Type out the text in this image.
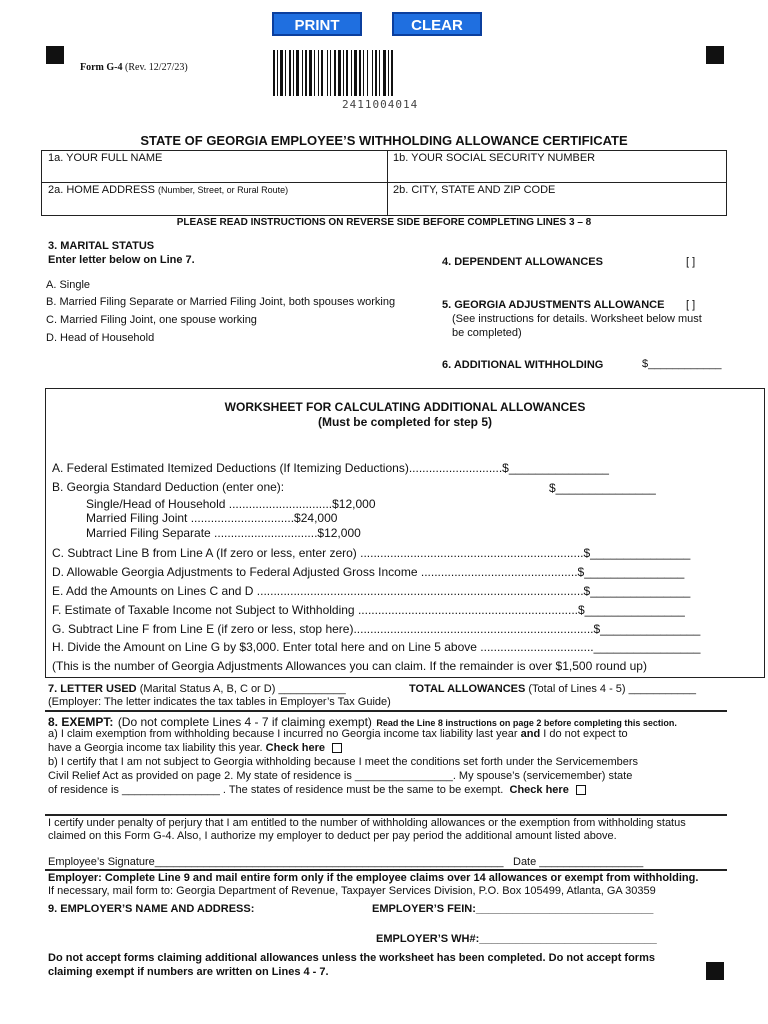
PRINT	CLEAR
Form G-4 (Rev. 12/27/23)
2411004014
STATE OF GEORGIA EMPLOYEE’S WITHHOLDING ALLOWANCE CERTIFICATE
1a. YOUR FULL NAME	1b. YOUR SOCIAL SECURITY NUMBER
2a. HOME ADDRESS (Number, Street, or Rural Route)	2b. CITY, STATE AND ZIP CODE
PLEASE READ INSTRUCTIONS ON REVERSE SIDE BEFORE COMPLETING LINES 3 – 8
3. MARITAL STATUS
Enter letter below on Line 7.
A. Single
B. Married Filing Separate or Married Filing Joint, both spouses working
C. Married Filing Joint, one spouse working
D. Head of Household
4. DEPENDENT ALLOWANCES	[ ]
5. GEORGIA ADJUSTMENTS ALLOWANCE [ ]
(See instructions for details. Worksheet below must
be completed)
6. ADDITIONAL WITHHOLDING	$____________
WORKSHEET FOR CALCULATING ADDITIONAL ALLOWANCES
(Must be completed for step 5)
A. Federal Estimated Itemized Deductions (If Itemizing Deductions)............................$_______________
B. Georgia Standard Deduction (enter one):	$_______________
Single/Head of Household ...............................$12,000
Married Filing Joint ...............................$24,000
Married Filing Separate ...............................$12,000
C. Subtract Line B from Line A (If zero or less, enter zero) ...................................................................$_______________
D. Allowable Georgia Adjustments to Federal Adjusted Gross Income ...............................................$_______________
E. Add the Amounts on Lines C and D ..................................................................................................$_______________
F. Estimate of Taxable Income not Subject to Withholding ..................................................................$_______________
G. Subtract Line F from Line E (if zero or less, stop here)........................................................................$_______________
H. Divide the Amount on Line G by $3,000. Enter total here and on Line 5 above ..................................________________
(This is the number of Georgia Adjustments Allowances you can claim. If the remainder is over $1,500 round up)
7. LETTER USED (Marital Status A, B, C or D) ___________	TOTAL ALLOWANCES (Total of Lines 4 - 5) ___________
(Employer: The letter indicates the tax tables in Employer’s Tax Guide)
8. EXEMPT: (Do not complete Lines 4 - 7 if claiming exempt) Read the Line 8 instructions on page 2 before completing this section.
a) I claim exemption from withholding because I incurred no Georgia income tax liability last year and I do not expect to
have a Georgia income tax liability this year. Check here
b) I certify that I am not subject to Georgia withholding because I meet the conditions set forth under the Servicemembers
Civil Relief Act as provided on page 2. My state of residence is ________________. My spouse’s (servicemember) state
of residence is ________________ . The states of residence must be the same to be exempt. Check here
I certify under penalty of perjury that I am entitled to the number of withholding allowances or the exemption from withholding status
claimed on this Form G-4. Also, I authorize my employer to deduct per pay period the additional amount listed above.
Employee’s Signature_________________________________________________________ Date _________________
Employer: Complete Line 9 and mail entire form only if the employee claims over 14 allowances or exempt from withholding.
If necessary, mail form to: Georgia Department of Revenue, Taxpayer Services Division, P.O. Box 105499, Atlanta, GA 30359
9. EMPLOYER’S NAME AND ADDRESS:	EMPLOYER’S FEIN:_____________________________
EMPLOYER’S WH#:_____________________________
Do not accept forms claiming additional allowances unless the worksheet has been completed. Do not accept forms
claiming exempt if numbers are written on Lines 4 - 7.
